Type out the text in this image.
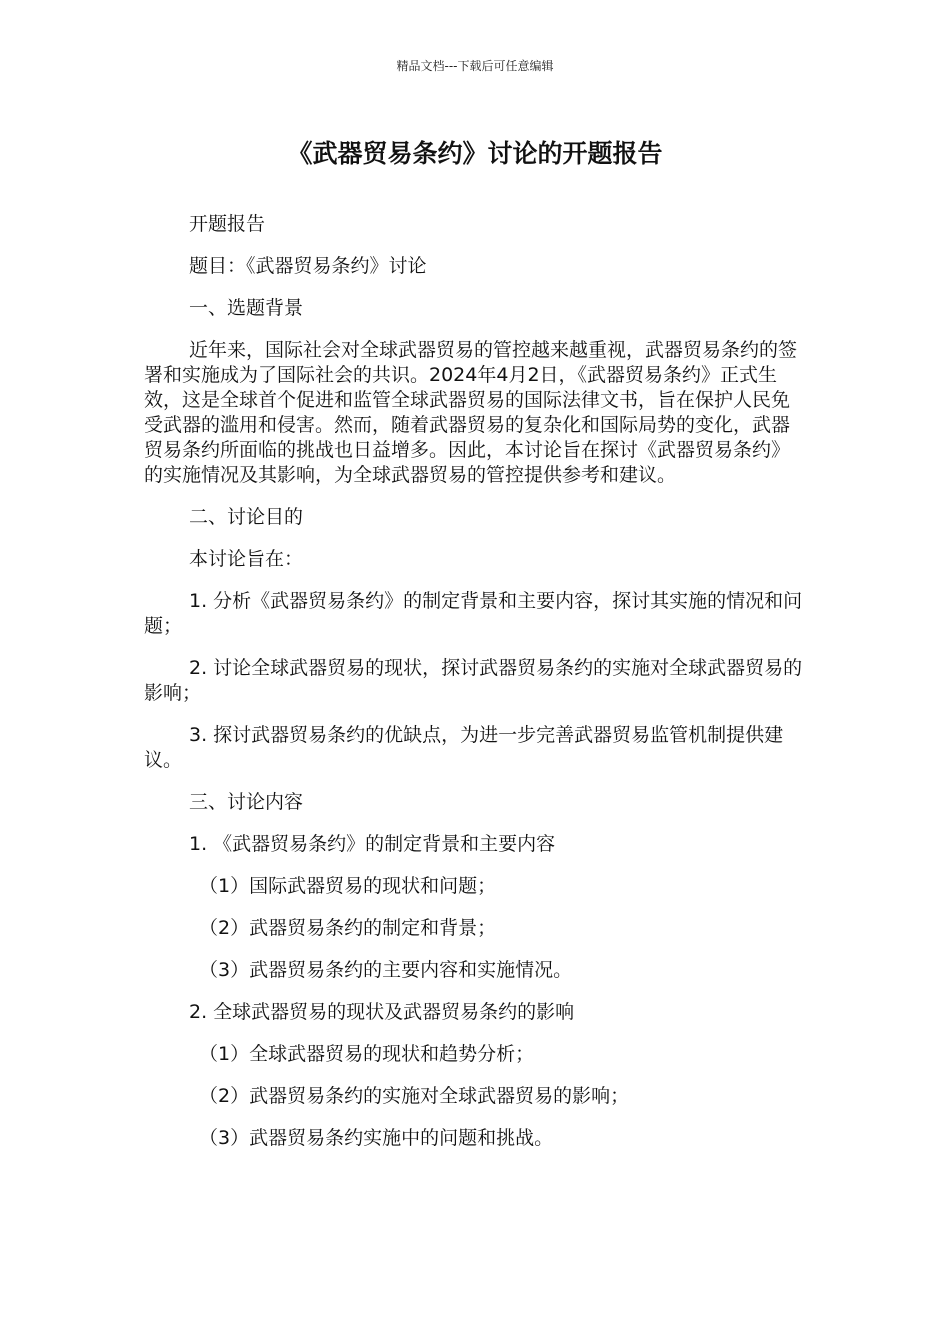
精品文档---下载后可任意编辑
《武器贸易条约》讨论的开题报告

开题报告

题目：《武器贸易条约》讨论

一、选题背景

近年来，国际社会对全球武器贸易的管控越来越重视，武器贸易条约的签署和实施成为了国际社会的共识。2024年4月2日，《武器贸易条约》正式生效，这是全球首个促进和监管全球武器贸易的国际法律文书，旨在保护人民免受武器的滥用和侵害。然而，随着武器贸易的复杂化和国际局势的变化，武器贸易条约所面临的挑战也日益增多。因此，本讨论旨在探讨《武器贸易条约》的实施情况及其影响，为全球武器贸易的管控提供参考和建议。

二、讨论目的

本讨论旨在：

1. 分析《武器贸易条约》的制定背景和主要内容，探讨其实施的情况和问题；

2. 讨论全球武器贸易的现状，探讨武器贸易条约的实施对全球武器贸易的影响；

3. 探讨武器贸易条约的优缺点，为进一步完善武器贸易监管机制提供建议。

三、讨论内容

1. 《武器贸易条约》的制定背景和主要内容

（1）国际武器贸易的现状和问题；

（2）武器贸易条约的制定和背景；

（3）武器贸易条约的主要内容和实施情况。

2. 全球武器贸易的现状及武器贸易条约的影响

（1）全球武器贸易的现状和趋势分析；

（2）武器贸易条约的实施对全球武器贸易的影响；

（3）武器贸易条约实施中的问题和挑战。
